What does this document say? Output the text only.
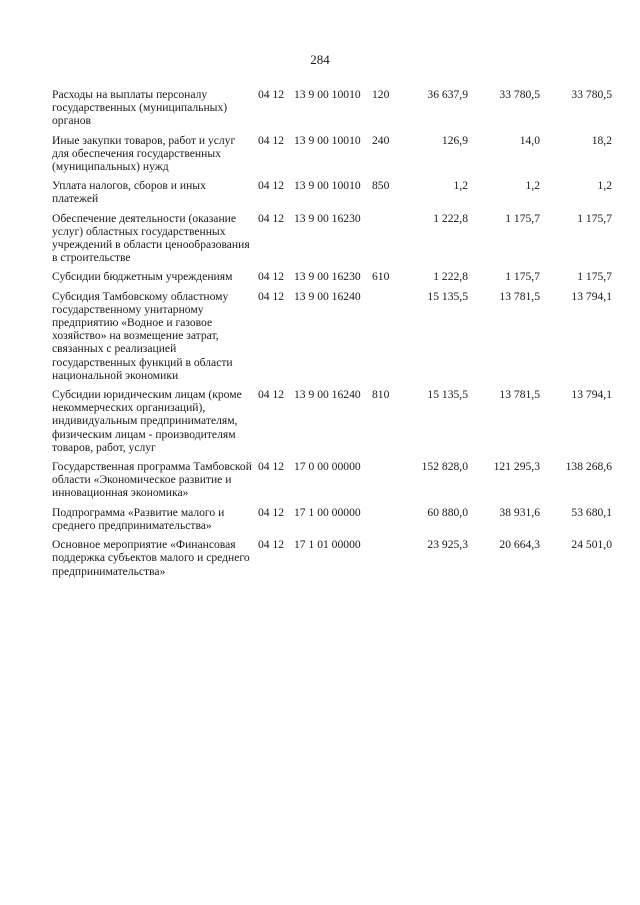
284
Расходы на выплаты персоналу государственных (муниципальных) органов	04 12	13 9 00 10010	120	36 637,9	33 780,5	33 780,5
Иные закупки товаров, работ и услуг для обеспечения государственных (муниципальных) нужд	04 12	13 9 00 10010	240	126,9	14,0	18,2
Уплата налогов, сборов и иных платежей	04 12	13 9 00 10010	850	1,2	1,2	1,2
Обеспечение деятельности (оказание услуг) областных государственных учреждений в области ценообразования в строительстве	04 12	13 9 00 16230		1 222,8	1 175,7	1 175,7
Субсидии бюджетным учреждениям	04 12	13 9 00 16230	610	1 222,8	1 175,7	1 175,7
Субсидия Тамбовскому областному государственному унитарному предприятию «Водное и газовое хозяйство» на возмещение затрат, связанных с реализацией государственных функций в области национальной экономики	04 12	13 9 00 16240		15 135,5	13 781,5	13 794,1
Субсидии юридическим лицам (кроме некоммерческих организаций), индивидуальным предпринимателям, физическим лицам - производителям товаров, работ, услуг	04 12	13 9 00 16240	810	15 135,5	13 781,5	13 794,1
Государственная программа Тамбовской области «Экономическое развитие и инновационная экономика»	04 12	17 0 00 00000		152 828,0	121 295,3	138 268,6
Подпрограмма «Развитие малого и среднего предпринимательства»	04 12	17 1 00 00000		60 880,0	38 931,6	53 680,1
Основное мероприятие «Финансовая поддержка субъектов малого и среднего предпринимательства»	04 12	17 1 01 00000		23 925,3	20 664,3	24 501,0
